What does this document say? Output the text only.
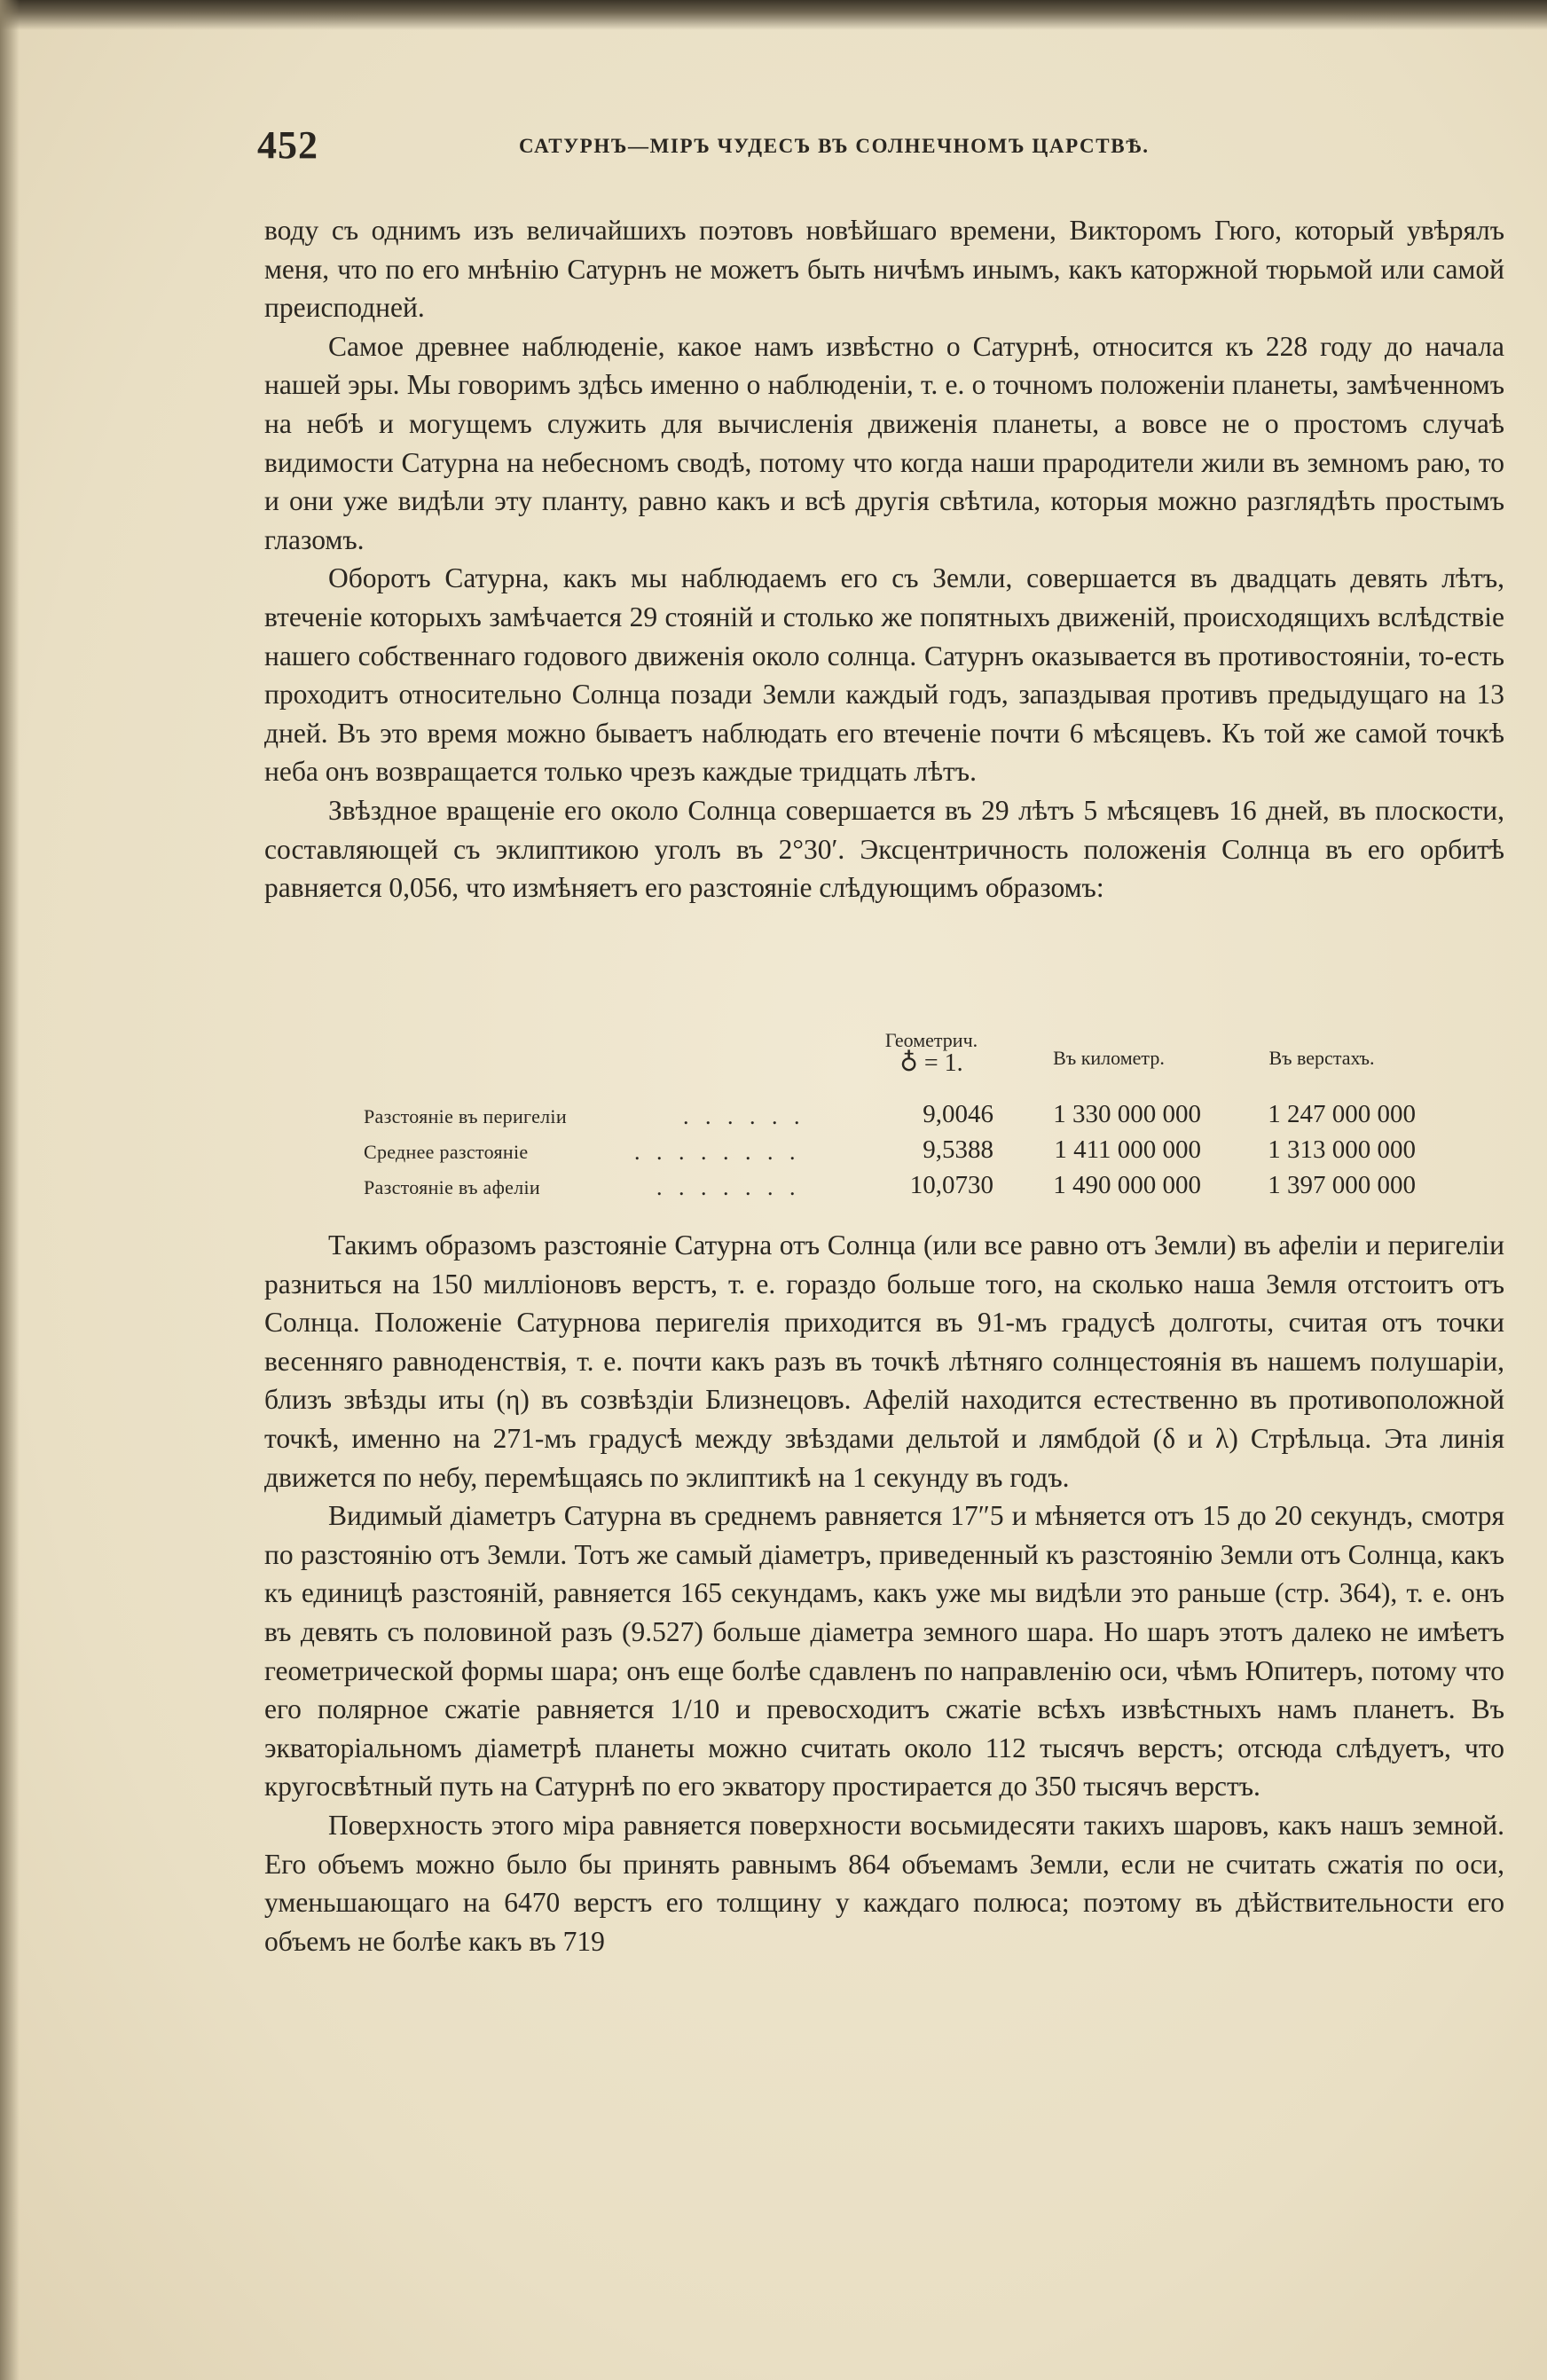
452	САТУРНЪ—МІРЪ ЧУДЕСЪ ВЪ СОЛНЕЧНОМЪ ЦАРСТВѢ.

воду съ однимъ изъ величайшихъ поэтовъ новѣйшаго времени, Викторомъ Гюго, который увѣрялъ меня, что по его мнѣнію Сатурнъ не можетъ быть ничѣмъ инымъ, какъ каторжной тюрьмой или самой преисподней.

Самое древнее наблюденіе, какое намъ извѣстно о Сатурнѣ, относится къ 228 году до начала нашей эры. Мы говоримъ здѣсь именно о наблюденіи, т. е. о точномъ положеніи планеты, замѣченномъ на небѣ и могущемъ служить для вычисленія движенія планеты, а вовсе не о простомъ случаѣ видимости Сатурна на небесномъ сводѣ, потому что когда наши прародители жили въ земномъ раю, то и они уже видѣли эту планту, равно какъ и всѣ другія свѣтила, которыя можно разглядѣть простымъ глазомъ.

Оборотъ Сатурна, какъ мы наблюдаемъ его съ Земли, совершается въ двадцать девять лѣтъ, втеченіе которыхъ замѣчается 29 стояній и столько же попятныхъ движеній, происходящихъ вслѣдствіе нашего собственнаго годового движенія около солнца. Сатурнъ оказывается въ противостояніи, то-есть проходитъ относительно Солнца позади Земли каждый годъ, запаздывая противъ предыдущаго на 13 дней. Въ это время можно бываетъ наблюдать его втеченіе почти 6 мѣсяцевъ. Къ той же самой точкѣ неба онъ возвращается только чрезъ каждые тридцать лѣтъ.

Звѣздное вращеніе его около Солнца совершается въ 29 лѣтъ 5 мѣсяцевъ 16 дней, въ плоскости, составляющей съ эклиптикою уголъ въ 2°30′. Эксцентричность положенія Солнца въ его орбитѣ равняется 0,056, что измѣняетъ его разстояніе слѣдующимъ образомъ:

Геометрич.
♁ = 1.	Въ километр.	Въ верстахъ.
Разстояніе въ перигеліи	. . . . . .	9,0046	1 330 000 000	1 247 000 000
Среднее разстояніе	. . . . . . . .	9,5388	1 411 000 000	1 313 000 000
Разстояніе въ афеліи	. . . . . . .	10,0730	1 490 000 000	1 397 000 000

Такимъ образомъ разстояніе Сатурна отъ Солнца (или все равно отъ Земли) въ афеліи и перигеліи разниться на 150 милліоновъ верстъ, т. е. гораздо больше того, на сколько наша Земля отстоитъ отъ Солнца. Положеніе Сатурнова перигелія приходится въ 91-мъ градусѣ долготы, считая отъ точки весенняго равноденствія, т. е. почти какъ разъ въ точкѣ лѣтняго солнцестоянія въ нашемъ полушаріи, близъ звѣзды иты (η) въ созвѣздіи Близнецовъ. Афелій находится естественно въ противоположной точкѣ, именно на 271-мъ градусѣ между звѣздами дельтой и лямбдой (δ и λ) Стрѣльца. Эта линія движется по небу, перемѣщаясь по эклиптикѣ на 1 секунду въ годъ.

Видимый діаметръ Сатурна въ среднемъ равняется 17″5 и мѣняется отъ 15 до 20 секундъ, смотря по разстоянію отъ Земли. Тотъ же самый діаметръ, приведенный къ разстоянію Земли отъ Солнца, какъ къ единицѣ разстояній, равняется 165 секундамъ, какъ уже мы видѣли это раньше (стр. 364), т. е. онъ въ девять съ половиной разъ (9.527) больше діаметра земного шара. Но шаръ этотъ далеко не имѣетъ геометрической формы шара; онъ еще болѣе сдавленъ по направленію оси, чѣмъ Юпитеръ, потому что его полярное сжатіе равняется 1/10 и превосходитъ сжатіе всѣхъ извѣстныхъ намъ планетъ. Въ экваторіальномъ діаметрѣ планеты можно считать около 112 тысячъ верстъ; отсюда слѣдуетъ, что кругосвѣтный путь на Сатурнѣ по его экватору простирается до 350 тысячъ верстъ.

Поверхность этого міра равняется поверхности восьмидесяти такихъ шаровъ, какъ нашъ земной. Его объемъ можно было бы принять равнымъ 864 объемамъ Земли, если не считать сжатія по оси, уменьшающаго на 6470 верстъ его толщину у каждаго полюса; поэтому въ дѣйствительности его объемъ не болѣе какъ въ 719
